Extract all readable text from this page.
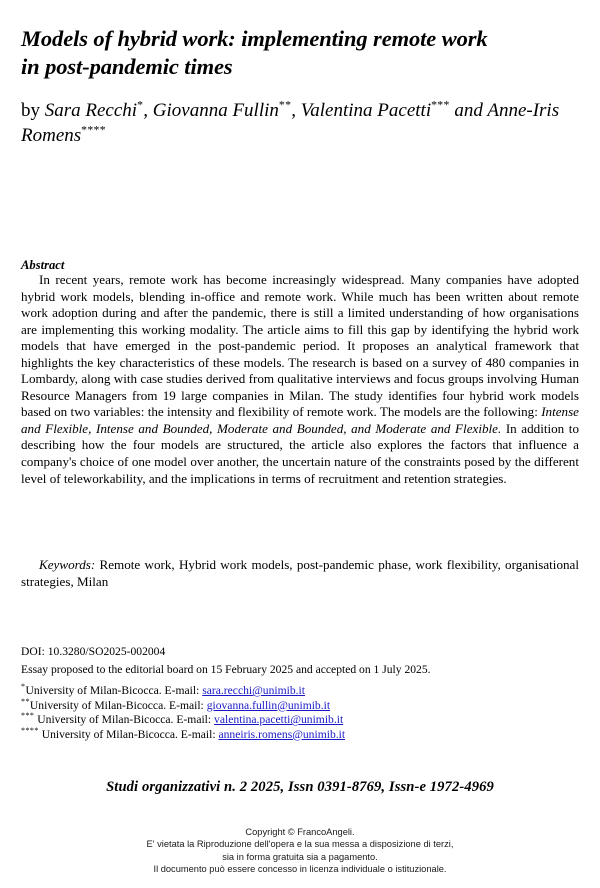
Models of hybrid work: implementing remote work
in post-pandemic times
by Sara Recchi*, Giovanna Fullin**, Valentina Pacetti*** and Anne-Iris Romens****
Abstract
In recent years, remote work has become increasingly widespread. Many companies have adopted hybrid work models, blending in-office and remote work. While much has been written about remote work adoption during and after the pandemic, there is still a limited understanding of how organisations are implementing this working modality. The article aims to fill this gap by identifying the hybrid work models that have emerged in the post-pandemic period. It proposes an analytical framework that highlights the key characteristics of these models. The research is based on a survey of 480 companies in Lombardy, along with case studies derived from qualitative interviews and focus groups involving Human Resource Managers from 19 large companies in Milan. The study identifies four hybrid work models based on two variables: the intensity and flexibility of remote work. The models are the following: Intense and Flexible, Intense and Bounded, Moderate and Bounded, and Moderate and Flexible. In addition to describing how the four models are structured, the article also explores the factors that influence a company's choice of one model over another, the uncertain nature of the constraints posed by the different level of teleworkability, and the implications in terms of recruitment and retention strategies.
Keywords: Remote work, Hybrid work models, post-pandemic phase, work flexibility, organisational strategies, Milan
DOI: 10.3280/SO2025-002004
Essay proposed to the editorial board on 15 February 2025 and accepted on 1 July 2025.
*University of Milan-Bicocca. E-mail: sara.recchi@unimib.it
**University of Milan-Bicocca. E-mail: giovanna.fullin@unimib.it
*** University of Milan-Bicocca. E-mail: valentina.pacetti@unimib.it
**** University of Milan-Bicocca. E-mail: anneiris.romens@unimib.it
Studi organizzativi n. 2 2025, Issn 0391-8769, Issn-e 1972-4969
Copyright © FrancoAngeli.
E' vietata la Riproduzione dell'opera e la sua messa a disposizione di terzi,
sia in forma gratuita sia a pagamento.
Il documento può essere concesso in licenza individuale o istituzionale.
